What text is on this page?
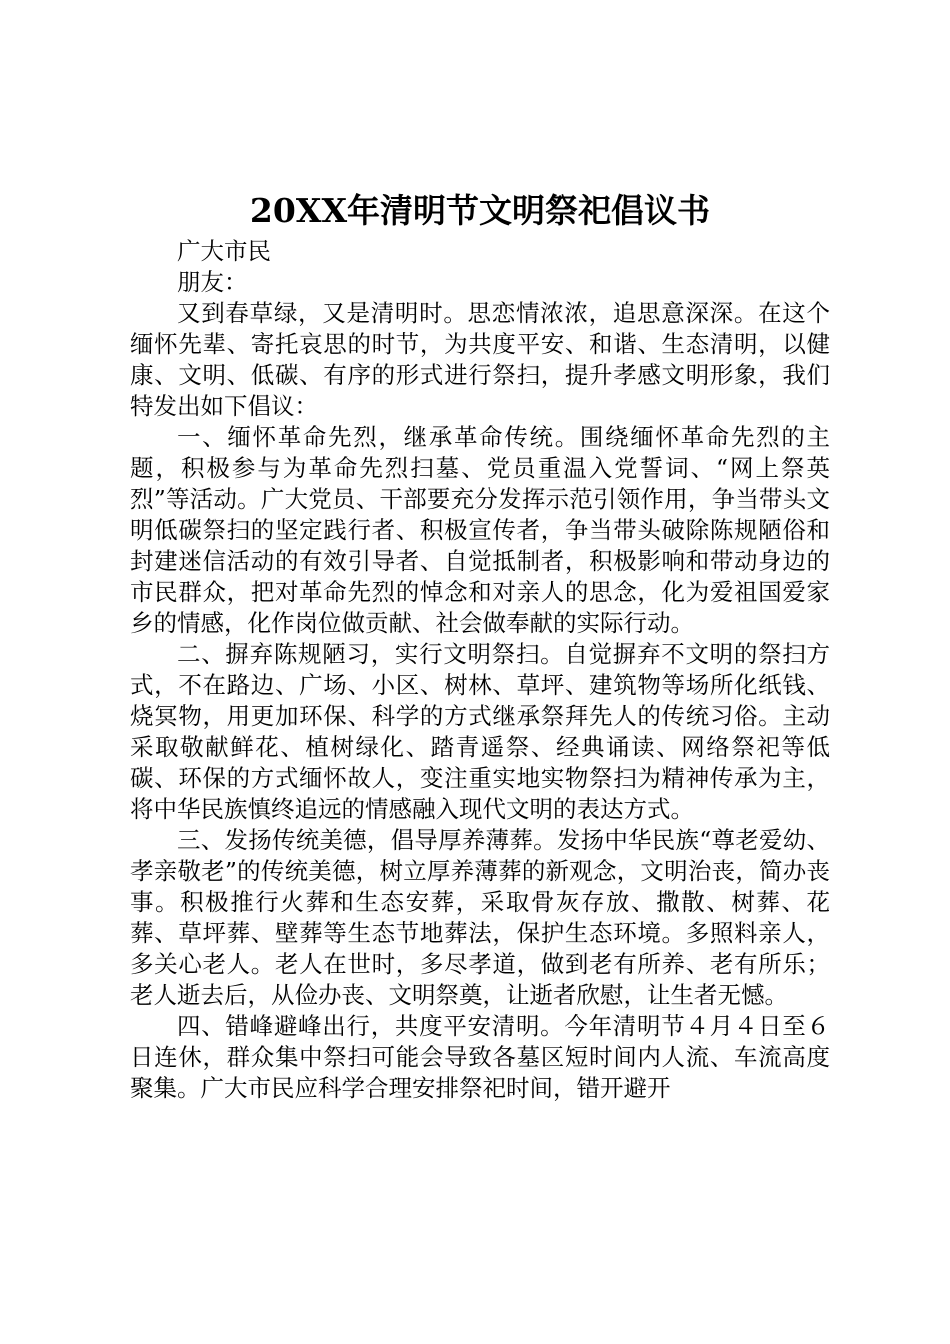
20XX年清明节文明祭祀倡议书

广大市民

朋友：

又到春草绿，又是清明时。思恋情浓浓，追思意深深。在这个缅怀先辈、寄托哀思的时节，为共度平安、和谐、生态清明，以健康、文明、低碳、有序的形式进行祭扫，提升孝感文明形象，我们特发出如下倡议：

一、缅怀革命先烈，继承革命传统。围绕缅怀革命先烈的主题，积极参与为革命先烈扫墓、党员重温入党誓词、“网上祭英烈”等活动。广大党员、干部要充分发挥示范引领作用，争当带头文明低碳祭扫的坚定践行者、积极宣传者，争当带头破除陈规陋俗和封建迷信活动的有效引导者、自觉抵制者，积极影响和带动身边的市民群众，把对革命先烈的悼念和对亲人的思念，化为爱祖国爱家乡的情感，化作岗位做贡献、社会做奉献的实际行动。

二、摒弃陈规陋习，实行文明祭扫。自觉摒弃不文明的祭扫方式，不在路边、广场、小区、树林、草坪、建筑物等场所化纸钱、烧冥物，用更加环保、科学的方式继承祭拜先人的传统习俗。主动采取敬献鲜花、植树绿化、踏青遥祭、经典诵读、网络祭祀等低碳、环保的方式缅怀故人，变注重实地实物祭扫为精神传承为主，将中华民族慎终追远的情感融入现代文明的表达方式。

三、发扬传统美德，倡导厚养薄葬。发扬中华民族“尊老爱幼、孝亲敬老”的传统美德，树立厚养薄葬的新观念，文明治丧，简办丧事。积极推行火葬和生态安葬，采取骨灰存放、撒散、树葬、花葬、草坪葬、壁葬等生态节地葬法，保护生态环境。多照料亲人，多关心老人。老人在世时，多尽孝道，做到老有所养、老有所乐；老人逝去后，从俭办丧、文明祭奠，让逝者欣慰，让生者无憾。

四、错峰避峰出行，共度平安清明。今年清明节４月４日至６日连休，群众集中祭扫可能会导致各墓区短时间内人流、车流高度聚集。广大市民应科学合理安排祭祀时间，错开避开
